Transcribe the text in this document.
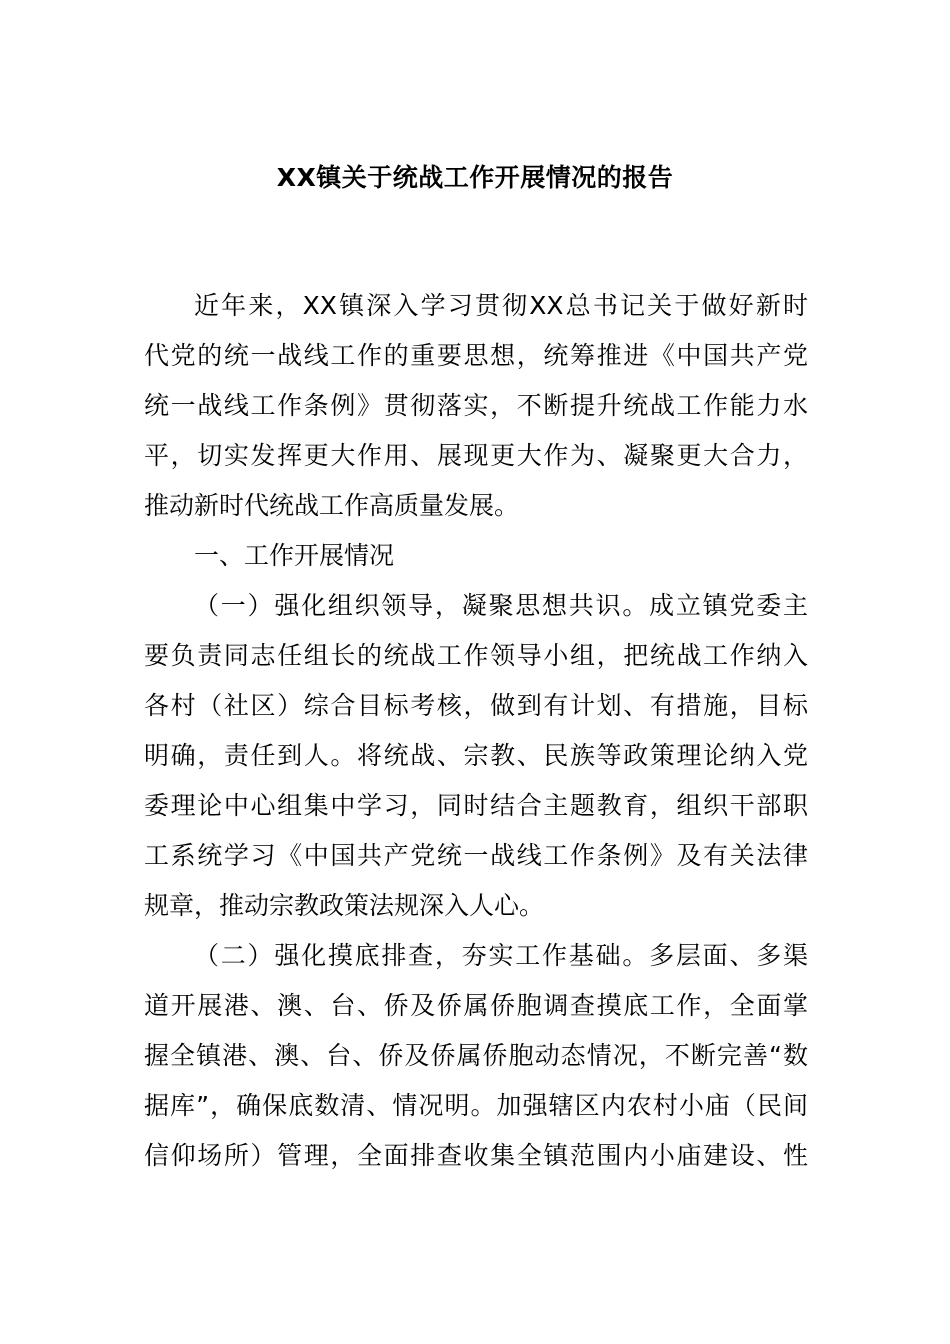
XX镇关于统战工作开展情况的报告
近年来，XX镇深入学习贯彻XX总书记关于做好新时
代党的统一战线工作的重要思想，统筹推进《中国共产党
统一战线工作条例》贯彻落实，不断提升统战工作能力水
平，切实发挥更大作用、展现更大作为、凝聚更大合力，
推动新时代统战工作高质量发展。
一、工作开展情况
（一）强化组织领导，凝聚思想共识。成立镇党委主
要负责同志任组长的统战工作领导小组，把统战工作纳入
各村（社区）综合目标考核，做到有计划、有措施，目标
明确，责任到人。将统战、宗教、民族等政策理论纳入党
委理论中心组集中学习，同时结合主题教育，组织干部职
工系统学习《中国共产党统一战线工作条例》及有关法律
规章，推动宗教政策法规深入人心。
（二）强化摸底排查，夯实工作基础。多层面、多渠
道开展港、澳、台、侨及侨属侨胞调查摸底工作，全面掌
握全镇港、澳、台、侨及侨属侨胞动态情况，不断完善“数
据库”，确保底数清、情况明。加强辖区内农村小庙（民间
信仰场所）管理，全面排查收集全镇范围内小庙建设、性
